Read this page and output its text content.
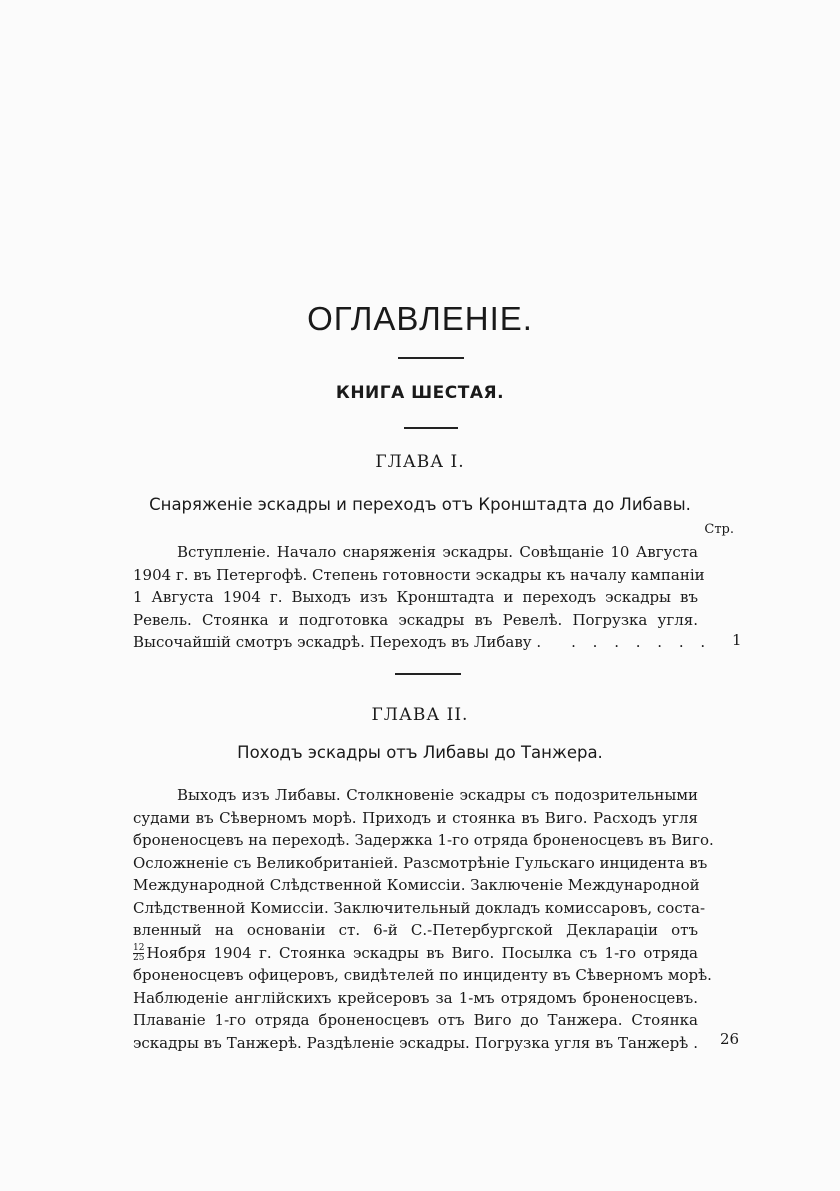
ОГЛАВЛЕНІЕ.
КНИГА ШЕСТАЯ.
ГЛАВА I.
Снаряженіе эскадры и переходъ отъ Кронштадта до Либавы.
Стр.
Вступленіе. Начало снаряженія эскадры. Совѣщаніе 10 Августа
1904 г. въ Петергофѣ. Степень готовности эскадры къ началу кампаніи
1 Августа 1904 г. Выходъ изъ Кронштадта и переходъ эскадры въ
Ревель. Стоянка и подготовка эскадры въ Ревелѣ. Погрузка угля.
Высочайшій смотръ эскадрѣ. Переходъ въ Либаву . . . . . . . . 1
ГЛАВА II.
Походъ эскадры отъ Либавы до Танжера.
Выходъ изъ Либавы. Столкновеніе эскадры съ подозрительными
судами въ Сѣверномъ морѣ. Приходъ и стоянка въ Виго. Расходъ угля
броненосцевъ на переходѣ. Задержка 1-го отряда броненосцевъ въ Виго.
Осложненіе съ Великобританіей. Разсмотрѣніе Гульскаго инцидента въ
Международной Слѣдственной Комиссіи. Заключеніе Международной
Слѣдственной Комиссіи. Заключительный докладъ комиссаровъ, соста-
вленный на основаніи ст. 6-й С.-Петербургской Декларацiи отъ
$\frac{12}{25}$ Ноября 1904 г. Стоянка эскадры въ Виго. Посылка съ 1-го отряда
броненосцевъ офицеровъ, свидѣтелей по инциденту въ Сѣверномъ морѣ.
Наблюденіе англійскихъ крейсеровъ за 1-мъ отрядомъ броненосцевъ.
Плаваніе 1-го отряда броненосцевъ отъ Виго до Танжера. Стоянка
эскадры въ Танжерѣ. Раздѣленіе эскадры. Погрузка угля въ Танжерѣ . 26
